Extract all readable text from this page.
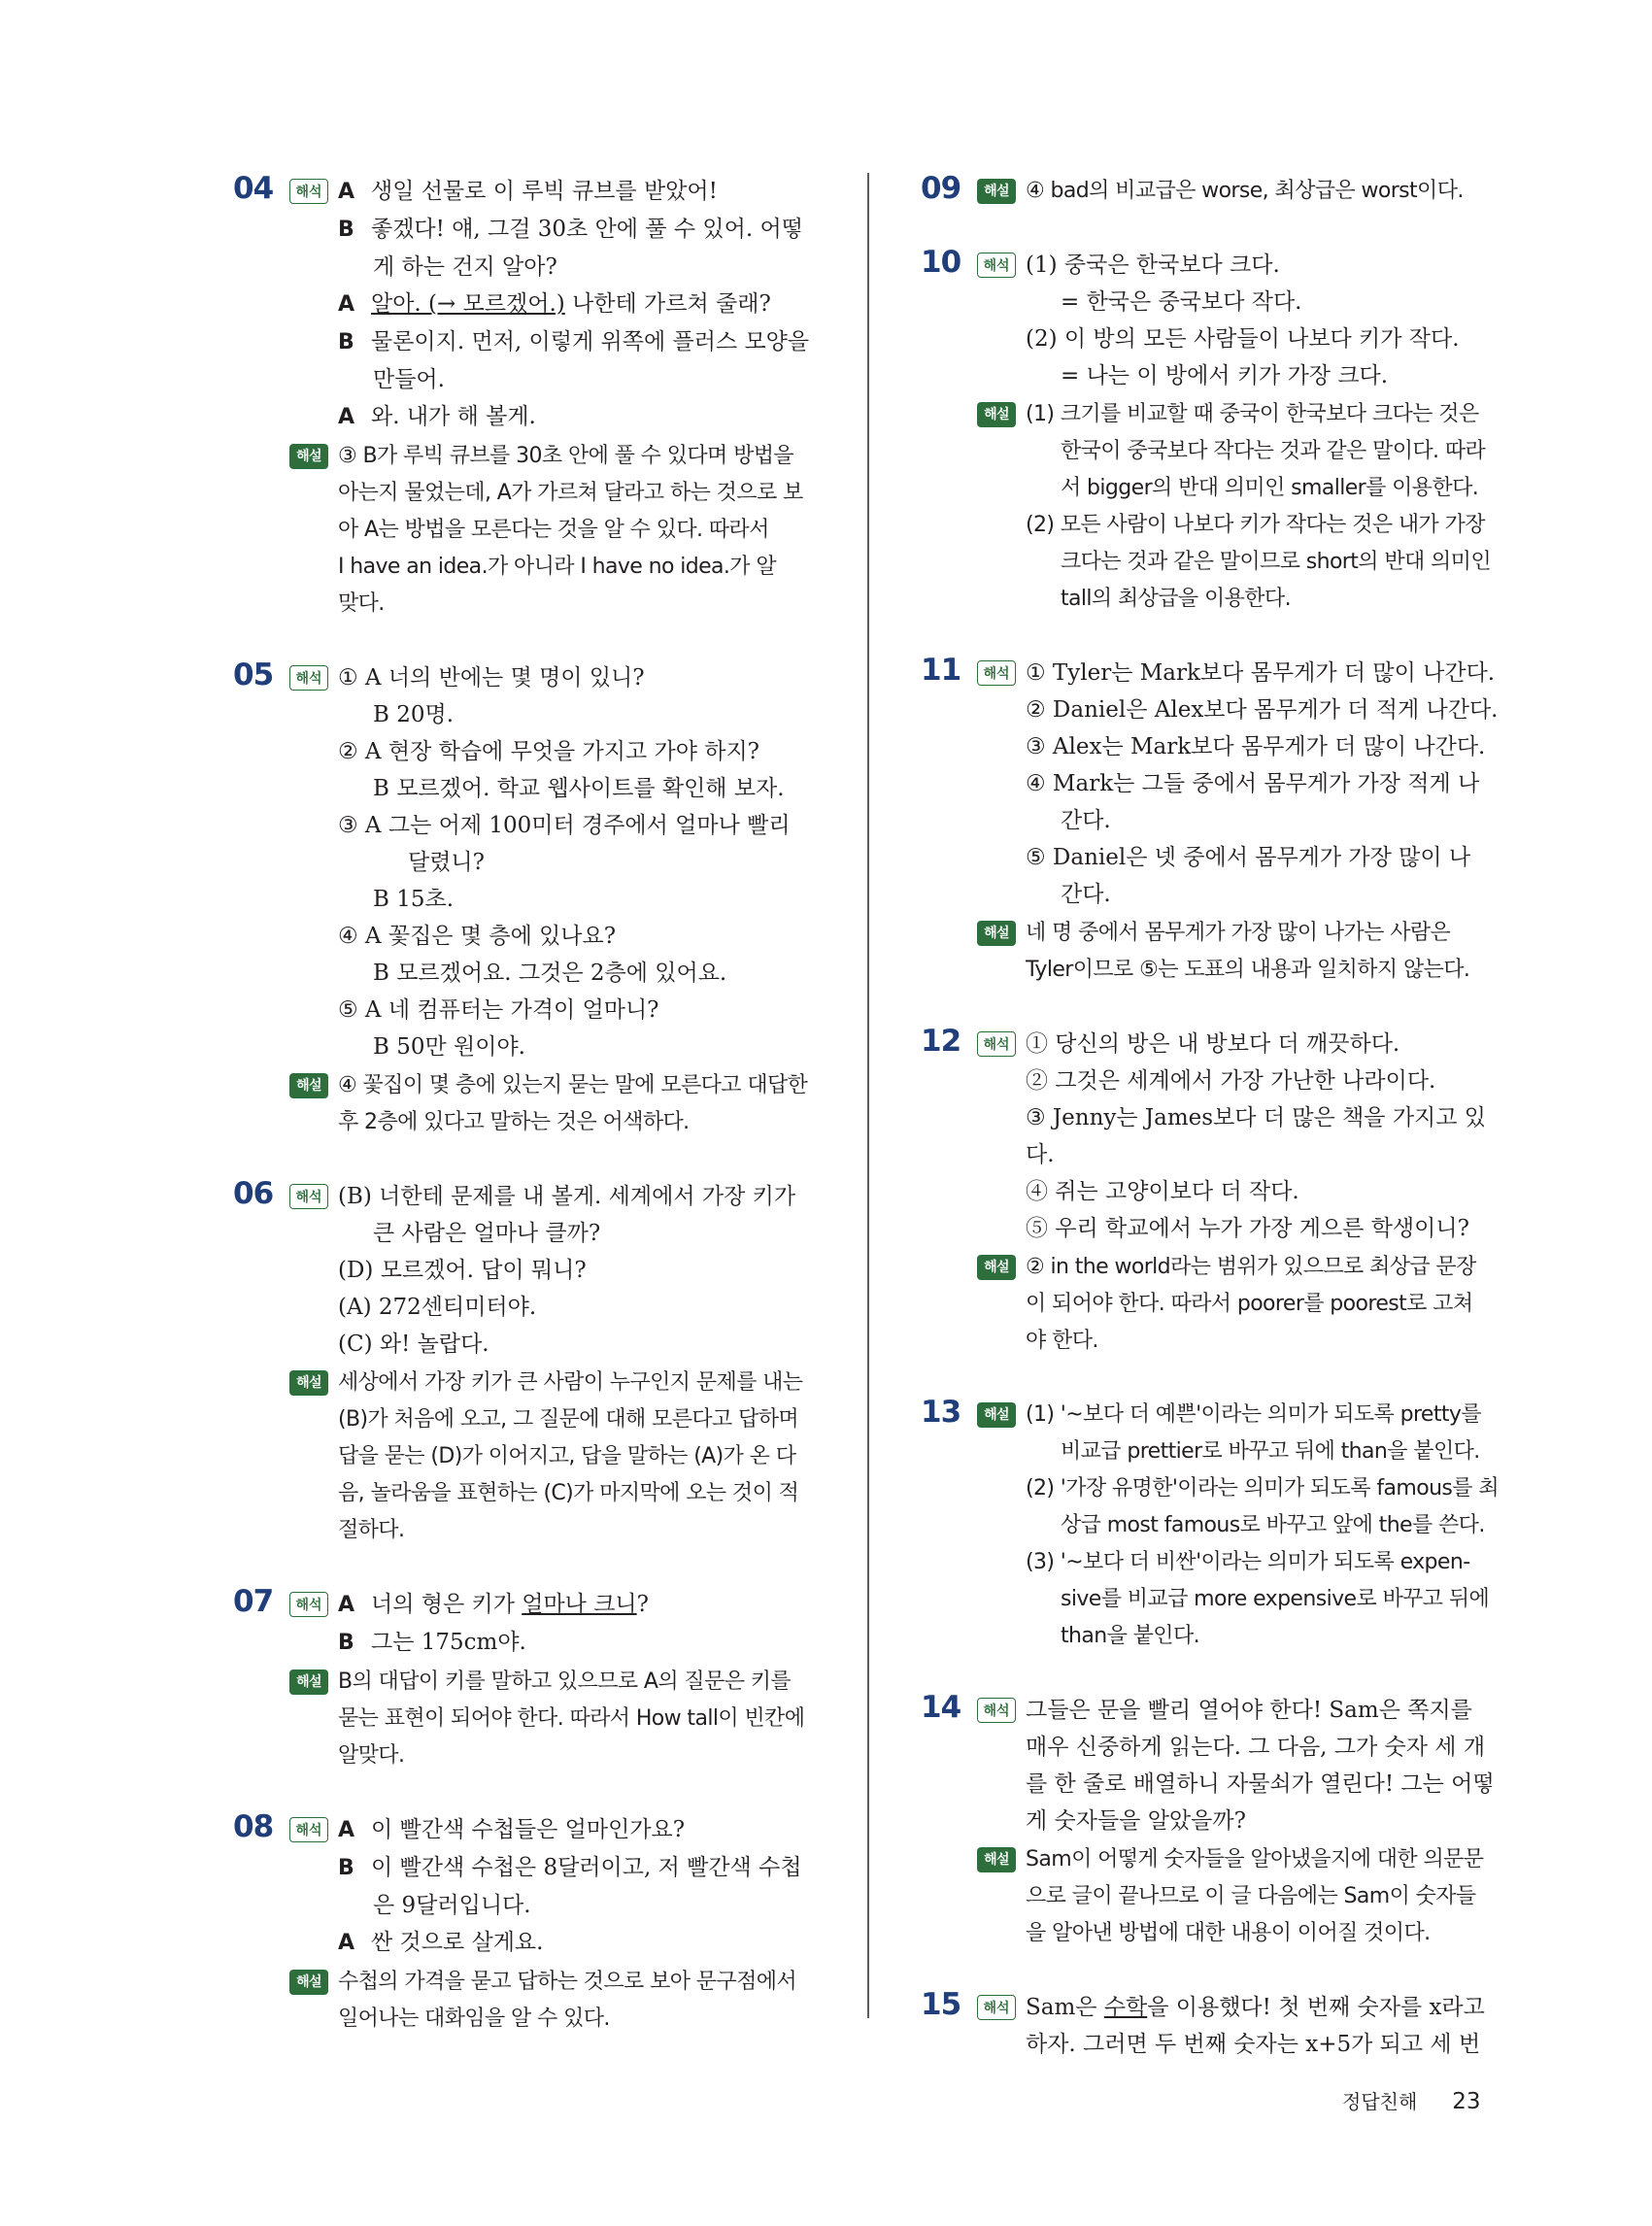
04	해석 A 생일 선물로 이 루빅 큐브를 받았어!
B 좋겠다! 얘, 그걸 30초 안에 풀 수 있어. 어떻
게 하는 건지 알아?
A 알아. (→ 모르겠어.) 나한테 가르쳐 줄래?
B 물론이지. 먼저, 이렇게 위쪽에 플러스 모양을
만들어.
A 와. 내가 해 볼게.
해설 ③ B가 루빅 큐브를 30초 안에 풀 수 있다며 방법을
아는지 물었는데, A가 가르쳐 달라고 하는 것으로 보
아 A는 방법을 모른다는 것을 알 수 있다. 따라서
I have an idea.가 아니라 I have no idea.가 알
맞다.
05	해석 ① A 너의 반에는 몇 명이 있니?
B 20명.
② A 현장 학습에 무엇을 가지고 가야 하지?
B 모르겠어. 학교 웹사이트를 확인해 보자.
③ A 그는 어제 100미터 경주에서 얼마나 빨리
달렸니?
B 15초.
④ A 꽃집은 몇 층에 있나요?
B 모르겠어요. 그것은 2층에 있어요.
⑤ A 네 컴퓨터는 가격이 얼마니?
B 50만 원이야.
해설 ④ 꽃집이 몇 층에 있는지 묻는 말에 모른다고 대답한
후 2층에 있다고 말하는 것은 어색하다.
06	해석 (B) 너한테 문제를 내 볼게. 세계에서 가장 키가
큰 사람은 얼마나 클까?
(D) 모르겠어. 답이 뭐니?
(A) 272센티미터야.
(C) 와! 놀랍다.
해설 세상에서 가장 키가 큰 사람이 누구인지 문제를 내는
(B)가 처음에 오고, 그 질문에 대해 모른다고 답하며
답을 묻는 (D)가 이어지고, 답을 말하는 (A)가 온 다
음, 놀라움을 표현하는 (C)가 마지막에 오는 것이 적
절하다.
07	해석 A 너의 형은 키가 얼마나 크니?
B 그는 175cm야.
해설 B의 대답이 키를 말하고 있으므로 A의 질문은 키를
묻는 표현이 되어야 한다. 따라서 How tall이 빈칸에
알맞다.
08	해석 A 이 빨간색 수첩들은 얼마인가요?
B 이 빨간색 수첩은 8달러이고, 저 빨간색 수첩
은 9달러입니다.
A 싼 것으로 살게요.
해설 수첩의 가격을 묻고 답하는 것으로 보아 문구점에서
일어나는 대화임을 알 수 있다.
09	해설 ④ bad의 비교급은 worse, 최상급은 worst이다.
10	해석 (1) 중국은 한국보다 크다.
= 한국은 중국보다 작다.
(2) 이 방의 모든 사람들이 나보다 키가 작다.
= 나는 이 방에서 키가 가장 크다.
해설 (1) 크기를 비교할 때 중국이 한국보다 크다는 것은
한국이 중국보다 작다는 것과 같은 말이다. 따라
서 bigger의 반대 의미인 smaller를 이용한다.
(2) 모든 사람이 나보다 키가 작다는 것은 내가 가장
크다는 것과 같은 말이므로 short의 반대 의미인
tall의 최상급을 이용한다.
11	해석 ① Tyler는 Mark보다 몸무게가 더 많이 나간다.
② Daniel은 Alex보다 몸무게가 더 적게 나간다.
③ Alex는 Mark보다 몸무게가 더 많이 나간다.
④ Mark는 그들 중에서 몸무게가 가장 적게 나
간다.
⑤ Daniel은 넷 중에서 몸무게가 가장 많이 나
간다.
해설 네 명 중에서 몸무게가 가장 많이 나가는 사람은
Tyler이므로 ⑤는 도표의 내용과 일치하지 않는다.
12	해석 ① 당신의 방은 내 방보다 더 깨끗하다.
② 그것은 세계에서 가장 가난한 나라이다.
③ Jenny는 James보다 더 많은 책을 가지고 있다.
④ 쥐는 고양이보다 더 작다.
⑤ 우리 학교에서 누가 가장 게으른 학생이니?
해설 ② in the world라는 범위가 있으므로 최상급 문장
이 되어야 한다. 따라서 poorer를 poorest로 고쳐
야 한다.
13	해설 (1) '~보다 더 예쁜'이라는 의미가 되도록 pretty를
비교급 prettier로 바꾸고 뒤에 than을 붙인다.
(2) '가장 유명한'이라는 의미가 되도록 famous를 최
상급 most famous로 바꾸고 앞에 the를 쓴다.
(3) '~보다 더 비싼'이라는 의미가 되도록 expen-
sive를 비교급 more expensive로 바꾸고 뒤에
than을 붙인다.
14	해석 그들은 문을 빨리 열어야 한다! Sam은 쪽지를
매우 신중하게 읽는다. 그 다음, 그가 숫자 세 개
를 한 줄로 배열하니 자물쇠가 열린다! 그는 어떻
게 숫자들을 알았을까?
해설 Sam이 어떻게 숫자들을 알아냈을지에 대한 의문문
으로 글이 끝나므로 이 글 다음에는 Sam이 숫자들
을 알아낸 방법에 대한 내용이 이어질 것이다.
15	해석 Sam은 수학을 이용했다! 첫 번째 숫자를 x라고
하자. 그러면 두 번째 숫자는 x+5가 되고 세 번
정답친해 23
